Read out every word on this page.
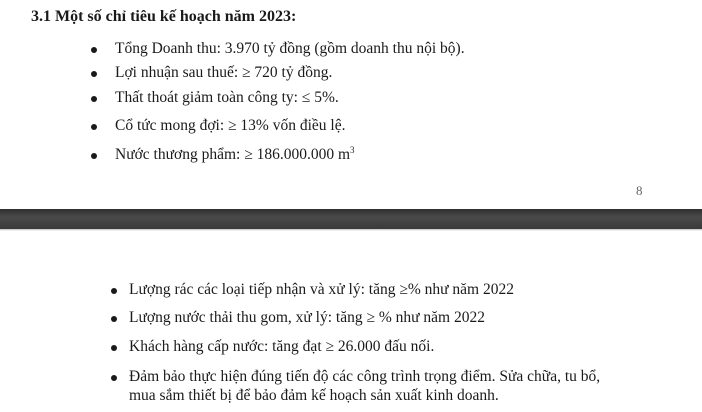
3.1 Một số chỉ tiêu kế hoạch năm 2023:
Tổng Doanh thu: 3.970 tỷ đồng (gồm doanh thu nội bộ).
Lợi nhuận sau thuế: ≥ 720 tỷ đồng.
Thất thoát giảm toàn công ty: ≤ 5%.
Cổ tức mong đợi: ≥ 13% vốn điều lệ.
Nước thương phẩm: ≥ 186.000.000 $m^3$
8
Lượng rác các loại tiếp nhận và xử lý: tăng ≥% như năm 2022
Lượng nước thải thu gom, xử lý: tăng ≥ % như năm 2022
Khách hàng cấp nước: tăng đạt ≥ 26.000 đấu nối.
Đảm bảo thực hiện đúng tiến độ các công trình trọng điểm. Sửa chữa, tu bổ,
mua sắm thiết bị để bảo đảm kế hoạch sản xuất kinh doanh.
